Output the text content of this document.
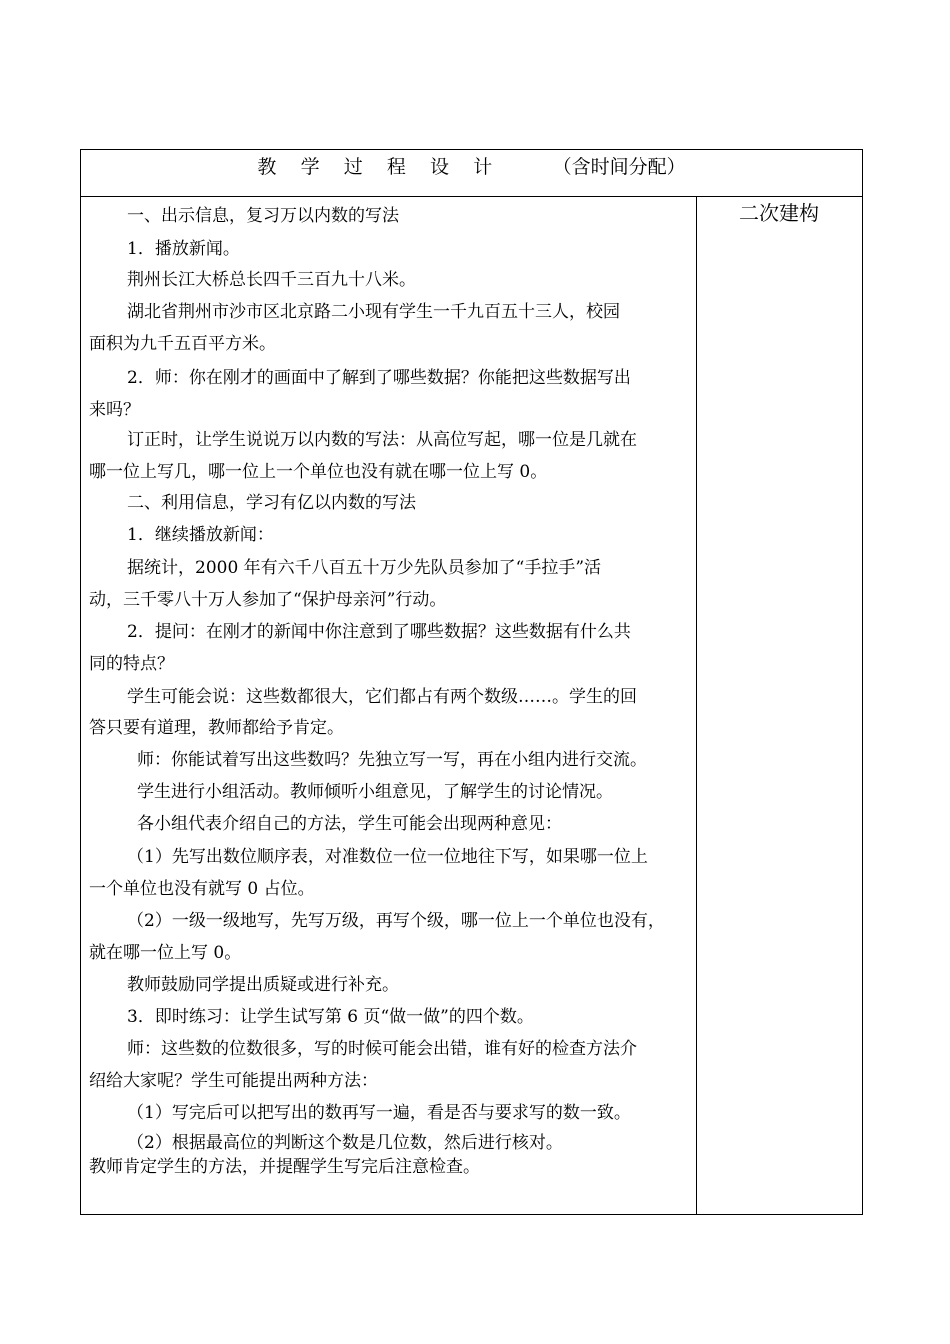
教    学    过    程    设    计          （含时间分配）
一、出示信息，复习万以内数的写法
1．播放新闻。
荆州长江大桥总长四千三百九十八米。
湖北省荆州市沙市区北京路二小现有学生一千九百五十三人，校园
面积为九千五百平方米。
2．师：你在刚才的画面中了解到了哪些数据？你能把这些数据写出
来吗？
订正时，让学生说说万以内数的写法：从高位写起，哪一位是几就在
哪一位上写几，哪一位上一个单位也没有就在哪一位上写 0。
二、利用信息，学习有亿以内数的写法
1．继续播放新闻：
据统计，2000 年有六千八百五十万少先队员参加了“手拉手”活
动，三千零八十万人参加了“保护母亲河”行动。
2．提问：在刚才的新闻中你注意到了哪些数据？这些数据有什么共
同的特点？
学生可能会说：这些数都很大，它们都占有两个数级……。学生的回
答只要有道理，教师都给予肯定。
师：你能试着写出这些数吗？先独立写一写，再在小组内进行交流。
学生进行小组活动。教师倾听小组意见，了解学生的讨论情况。
各小组代表介绍自己的方法，学生可能会出现两种意见：
（1）先写出数位顺序表，对准数位一位一位地往下写，如果哪一位上
一个单位也没有就写 0 占位。
（2）一级一级地写，先写万级，再写个级，哪一位上一个单位也没有，
就在哪一位上写 0。
教师鼓励同学提出质疑或进行补充。
3．即时练习：让学生试写第 6 页“做一做”的四个数。
师：这些数的位数很多，写的时候可能会出错，谁有好的检查方法介
绍给大家呢？学生可能提出两种方法：
（1）写完后可以把写出的数再写一遍，看是否与要求写的数一致。
（2）根据最高位的判断这个数是几位数，然后进行核对。
教师肯定学生的方法，并提醒学生写完后注意检查。
二次建构
